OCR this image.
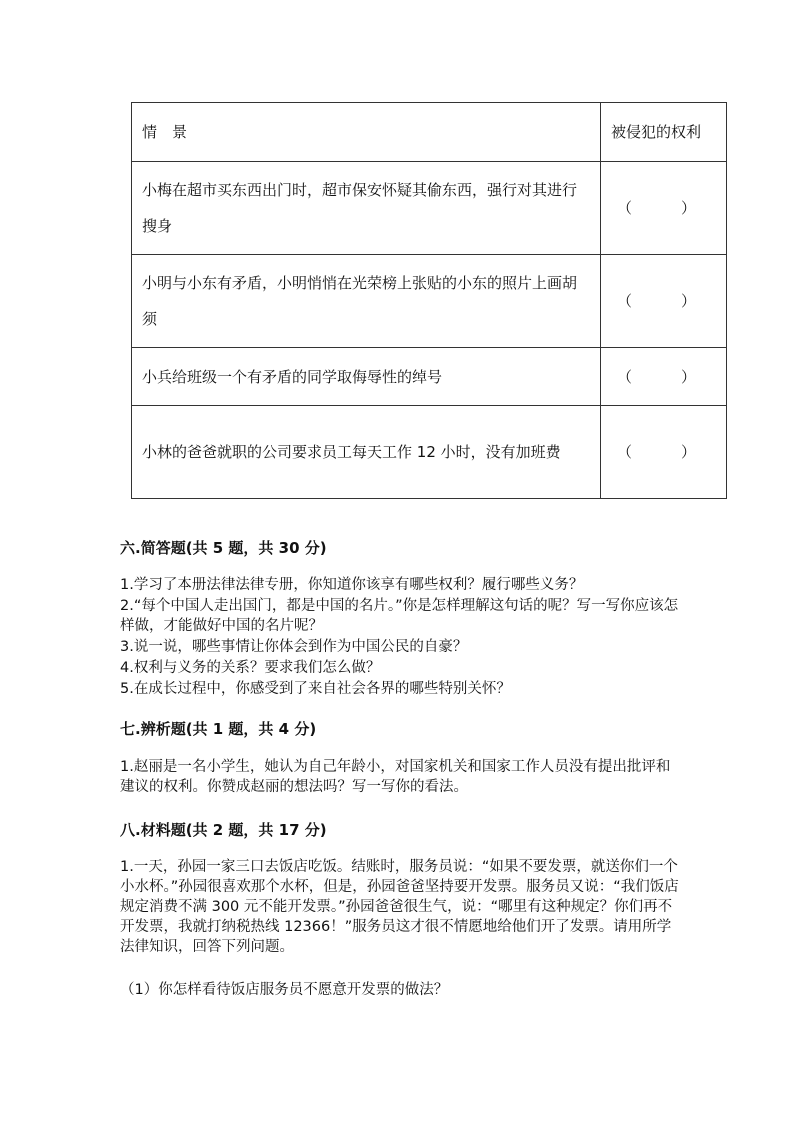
情　景	被侵犯的权利
小梅在超市买东西出门时，超市保安怀疑其偷东西，强行对其进行搜身	（　　　）
小明与小东有矛盾，小明悄悄在光荣榜上张贴的小东的照片上画胡须	（　　　）
小兵给班级一个有矛盾的同学取侮辱性的绰号	（　　　）
小林的爸爸就职的公司要求员工每天工作 12 小时，没有加班费	（　　　）
六.简答题(共 5 题，共 30 分)
1.学习了本册法律法律专册，你知道你该享有哪些权利？履行哪些义务？
2.“每个中国人走出国门，都是中国的名片。”你是怎样理解这句话的呢？写一写你应该怎样做，才能做好中国的名片呢？
3.说一说，哪些事情让你体会到作为中国公民的自豪？
4.权利与义务的关系？要求我们怎么做？
5.在成长过程中，你感受到了来自社会各界的哪些特别关怀？
七.辨析题(共 1 题，共 4 分)
1.赵丽是一名小学生，她认为自己年龄小，对国家机关和国家工作人员没有提出批评和建议的权利。你赞成赵丽的想法吗？写一写你的看法。
八.材料题(共 2 题，共 17 分)
1.一天，孙园一家三口去饭店吃饭。结账时，服务员说：“如果不要发票，就送你们一个小水杯。”孙园很喜欢那个水杯，但是，孙园爸爸坚持要开发票。服务员又说：“我们饭店规定消费不满 300 元不能开发票。”孙园爸爸很生气，说：“哪里有这种规定？你们再不开发票，我就打纳税热线 12366！”服务员这才很不情愿地给他们开了发票。请用所学法律知识，回答下列问题。
（1）你怎样看待饭店服务员不愿意开发票的做法？
